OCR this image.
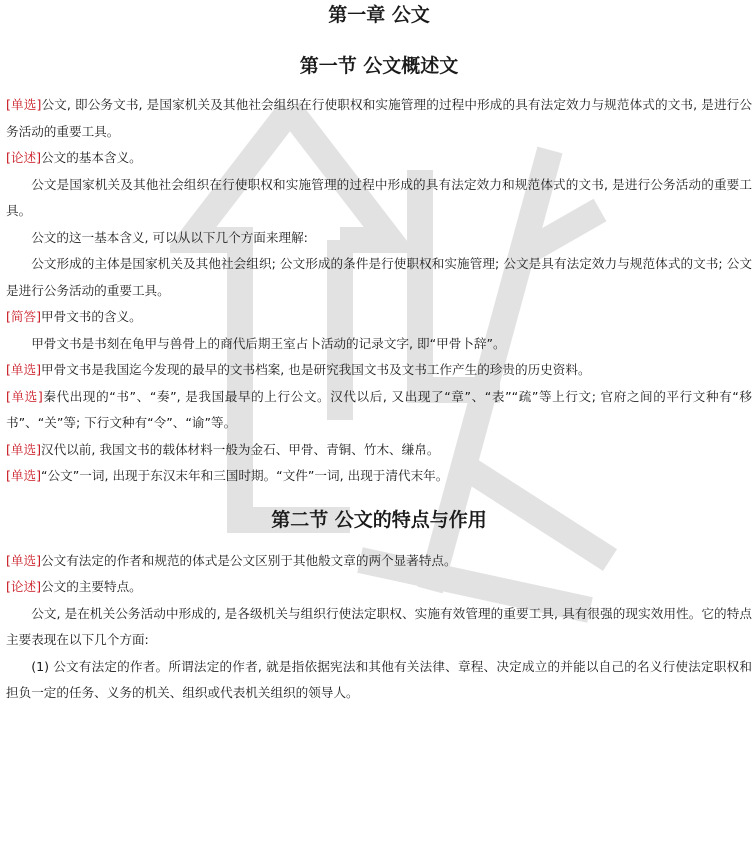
第一章 公文
第一节 公文概述文

[单选]公文, 即公务文书, 是国家机关及其他社会组织在行使职权和实施管理的过程中形成的具有法定效力与规范体式的文书, 是进行公务活动的重要工具。

[论述]公文的基本含义。

公文是国家机关及其他社会组织在行使职权和实施管理的过程中形成的具有法定效力和规范体式的文书, 是进行公务活动的重要工具。

公文的这一基本含义, 可以从以下几个方面来理解:

公文形成的主体是国家机关及其他社会组织; 公文形成的条件是行使职权和实施管理; 公文是具有法定效力与规范体式的文书; 公文是进行公务活动的重要工具。

[简答]甲骨文书的含义。

甲骨文书是书刻在龟甲与兽骨上的商代后期王室占卜活动的记录文字, 即“甲骨卜辞”。

[单选]甲骨文书是我国迄今发现的最早的文书档案, 也是研究我国文书及文书工作产生的珍贵的历史资料。

[单选]秦代出现的“书”、“奏”, 是我国最早的上行公文。汉代以后, 又出现了“章”、“表”“疏”等上行文; 官府之间的平行文种有“移书”、“关”等; 下行文种有“令”、“谕”等。

[单选]汉代以前, 我国文书的载体材料一般为金石、甲骨、青铜、竹木、缣帛。

[单选]“公文”一词, 出现于东汉末年和三国时期。“文件”一词, 出现于清代末年。

第二节 公文的特点与作用

[单选]公文有法定的作者和规范的体式是公文区别于其他般文章的两个显著特点。

[论述]公文的主要特点。

公文, 是在机关公务活动中形成的, 是各级机关与组织行使法定职权、实施有效管理的重要工具, 具有很强的现实效用性。它的特点主要表现在以下几个方面:

(1) 公文有法定的作者。所谓法定的作者, 就是指依据宪法和其他有关法律、章程、决定成立的并能以自己的名义行使法定职权和担负一定的任务、义务的机关、组织或代表机关组织的领导人。
